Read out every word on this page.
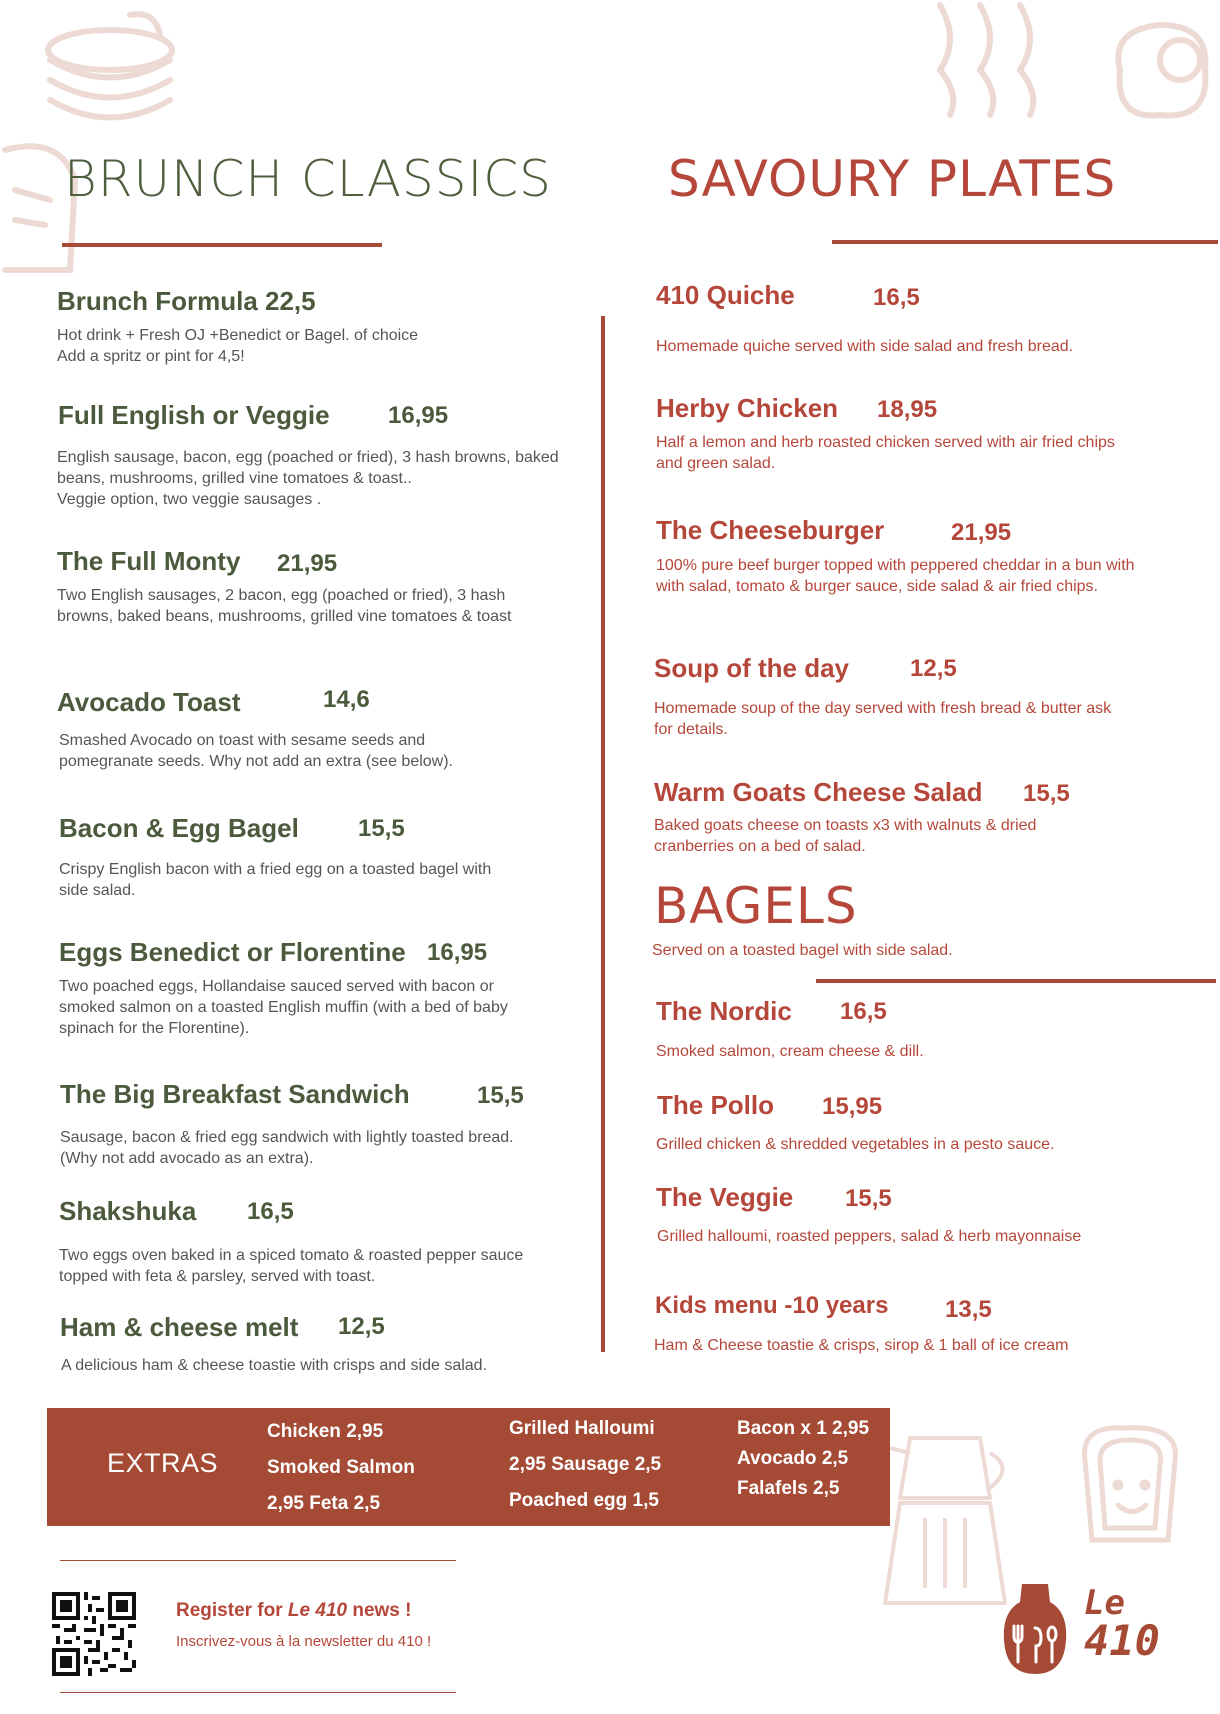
BRUNCH CLASSICS SAVOURY PLATES
Brunch Formula 22,5
Hot drink + Fresh OJ +Benedict or Bagel. of choice
Add a spritz or pint for 4,5!
Full English or Veggie 16,95
English sausage, bacon, egg (poached or fried), 3 hash browns, baked beans, mushrooms, grilled vine tomatoes & toast..
Veggie option, two veggie sausages .
The Full Monty 21,95
Two English sausages, 2 bacon, egg (poached or fried), 3 hash browns, baked beans, mushrooms, grilled vine tomatoes & toast
Avocado Toast	14,6
Smashed Avocado on toast with sesame seeds and pomegranate seeds. Why not add an extra (see below).
Bacon & Egg Bagel 15,5
Crispy English bacon with a fried egg on a toasted bagel with side salad.
Eggs Benedict or Florentine 16,95
Two poached eggs, Hollandaise sauced served with bacon or smoked salmon on a toasted English muffin (with a bed of baby spinach for the Florentine).
The Big Breakfast Sandwich	15,5
Sausage, bacon & fried egg sandwich with lightly toasted bread. (Why not add avocado as an extra).
Shakshuka 16,5
Two eggs oven baked in a spiced tomato & roasted pepper sauce topped with feta & parsley, served with toast.
Ham & cheese melt 12,5
A delicious ham & cheese toastie with crisps and side salad.
410 Quiche	16,5
Homemade quiche served with side salad and fresh bread.
Herby Chicken 18,95
Half a lemon and herb roasted chicken served with air fried chips and green salad.
The Cheeseburger	21,95
100% pure beef burger topped with peppered cheddar in a bun with with salad, tomato & burger sauce, side salad & air fried chips.
Soup of the day	12,5
Homemade soup of the day served with fresh bread & butter ask for details.
Warm Goats Cheese Salad 15,5
Baked goats cheese on toasts x3 with walnuts & dried cranberries on a bed of salad.
BAGELS
Served on a toasted bagel with side salad.
The Nordic 16,5
Smoked salmon, cream cheese & dill.
The Pollo 15,95
Grilled chicken & shredded vegetables in a pesto sauce.
The Veggie 15,5
Grilled halloumi, roasted peppers, salad & herb mayonnaise
Kids menu -10 years 13,5
Ham & Cheese toastie & crisps, sirop & 1 ball of ice cream
EXTRAS
Chicken 2,95
Smoked Salmon
2,95 Feta 2,5
Grilled Halloumi
2,95 Sausage 2,5
Poached egg 1,5
Bacon x 1 2,95
Avocado 2,5
Falafels 2,5
Register for Le 410 news !
Inscrivez-vous à la newsletter du 410 !
Le
410
